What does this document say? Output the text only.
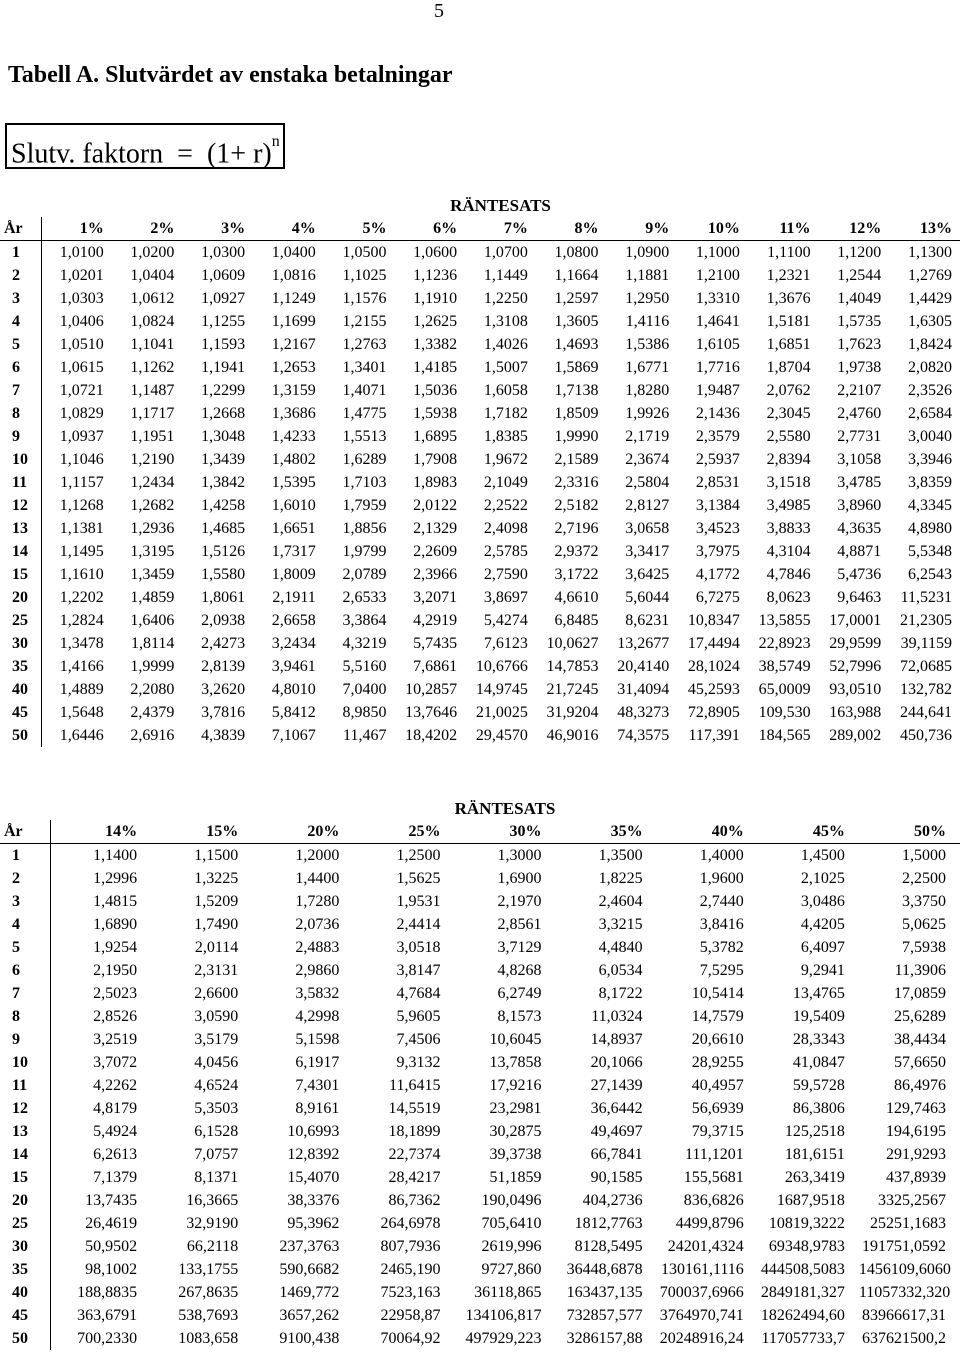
5
Tabell A. Slutvärdet av enstaka betalningar
Slutv. faktorn = $(1+ r)^n$
	RÄNTESATS												
År	1%	2%	3%	4%	5%	6%	7%	8%	9%	10%	11%	12%	13%
1	1,0100	1,0200	1,0300	1,0400	1,0500	1,0600	1,0700	1,0800	1,0900	1,1000	1,1100	1,1200	1,1300
2	1,0201	1,0404	1,0609	1,0816	1,1025	1,1236	1,1449	1,1664	1,1881	1,2100	1,2321	1,2544	1,2769
3	1,0303	1,0612	1,0927	1,1249	1,1576	1,1910	1,2250	1,2597	1,2950	1,3310	1,3676	1,4049	1,4429
4	1,0406	1,0824	1,1255	1,1699	1,2155	1,2625	1,3108	1,3605	1,4116	1,4641	1,5181	1,5735	1,6305
5	1,0510	1,1041	1,1593	1,2167	1,2763	1,3382	1,4026	1,4693	1,5386	1,6105	1,6851	1,7623	1,8424
6	1,0615	1,1262	1,1941	1,2653	1,3401	1,4185	1,5007	1,5869	1,6771	1,7716	1,8704	1,9738	2,0820
7	1,0721	1,1487	1,2299	1,3159	1,4071	1,5036	1,6058	1,7138	1,8280	1,9487	2,0762	2,2107	2,3526
8	1,0829	1,1717	1,2668	1,3686	1,4775	1,5938	1,7182	1,8509	1,9926	2,1436	2,3045	2,4760	2,6584
9	1,0937	1,1951	1,3048	1,4233	1,5513	1,6895	1,8385	1,9990	2,1719	2,3579	2,5580	2,7731	3,0040
10	1,1046	1,2190	1,3439	1,4802	1,6289	1,7908	1,9672	2,1589	2,3674	2,5937	2,8394	3,1058	3,3946
11	1,1157	1,2434	1,3842	1,5395	1,7103	1,8983	2,1049	2,3316	2,5804	2,8531	3,1518	3,4785	3,8359
12	1,1268	1,2682	1,4258	1,6010	1,7959	2,0122	2,2522	2,5182	2,8127	3,1384	3,4985	3,8960	4,3345
13	1,1381	1,2936	1,4685	1,6651	1,8856	2,1329	2,4098	2,7196	3,0658	3,4523	3,8833	4,3635	4,8980
14	1,1495	1,3195	1,5126	1,7317	1,9799	2,2609	2,5785	2,9372	3,3417	3,7975	4,3104	4,8871	5,5348
15	1,1610	1,3459	1,5580	1,8009	2,0789	2,3966	2,7590	3,1722	3,6425	4,1772	4,7846	5,4736	6,2543
20	1,2202	1,4859	1,8061	2,1911	2,6533	3,2071	3,8697	4,6610	5,6044	6,7275	8,0623	9,6463	11,5231
25	1,2824	1,6406	2,0938	2,6658	3,3864	4,2919	5,4274	6,8485	8,6231	10,8347	13,5855	17,0001	21,2305
30	1,3478	1,8114	2,4273	3,2434	4,3219	5,7435	7,6123	10,0627	13,2677	17,4494	22,8923	29,9599	39,1159
35	1,4166	1,9999	2,8139	3,9461	5,5160	7,6861	10,6766	14,7853	20,4140	28,1024	38,5749	52,7996	72,0685
40	1,4889	2,2080	3,2620	4,8010	7,0400	10,2857	14,9745	21,7245	31,4094	45,2593	65,0009	93,0510	132,782
45	1,5648	2,4379	3,7816	5,8412	8,9850	13,7646	21,0025	31,9204	48,3273	72,8905	109,530	163,988	244,641
50	1,6446	2,6916	4,3839	7,1067	11,467	18,4202	29,4570	46,9016	74,3575	117,391	184,565	289,002	450,736
	RÄNTESATS								
År	14%	15%	20%	25%	30%	35%	40%	45%	50%
1	1,1400	1,1500	1,2000	1,2500	1,3000	1,3500	1,4000	1,4500	1,5000
2	1,2996	1,3225	1,4400	1,5625	1,6900	1,8225	1,9600	2,1025	2,2500
3	1,4815	1,5209	1,7280	1,9531	2,1970	2,4604	2,7440	3,0486	3,3750
4	1,6890	1,7490	2,0736	2,4414	2,8561	3,3215	3,8416	4,4205	5,0625
5	1,9254	2,0114	2,4883	3,0518	3,7129	4,4840	5,3782	6,4097	7,5938
6	2,1950	2,3131	2,9860	3,8147	4,8268	6,0534	7,5295	9,2941	11,3906
7	2,5023	2,6600	3,5832	4,7684	6,2749	8,1722	10,5414	13,4765	17,0859
8	2,8526	3,0590	4,2998	5,9605	8,1573	11,0324	14,7579	19,5409	25,6289
9	3,2519	3,5179	5,1598	7,4506	10,6045	14,8937	20,6610	28,3343	38,4434
10	3,7072	4,0456	6,1917	9,3132	13,7858	20,1066	28,9255	41,0847	57,6650
11	4,2262	4,6524	7,4301	11,6415	17,9216	27,1439	40,4957	59,5728	86,4976
12	4,8179	5,3503	8,9161	14,5519	23,2981	36,6442	56,6939	86,3806	129,7463
13	5,4924	6,1528	10,6993	18,1899	30,2875	49,4697	79,3715	125,2518	194,6195
14	6,2613	7,0757	12,8392	22,7374	39,3738	66,7841	111,1201	181,6151	291,9293
15	7,1379	8,1371	15,4070	28,4217	51,1859	90,1585	155,5681	263,3419	437,8939
20	13,7435	16,3665	38,3376	86,7362	190,0496	404,2736	836,6826	1687,9518	3325,2567
25	26,4619	32,9190	95,3962	264,6978	705,6410	1812,7763	4499,8796	10819,3222	25251,1683
30	50,9502	66,2118	237,3763	807,7936	2619,996	8128,5495	24201,4324	69348,9783	191751,0592
35	98,1002	133,1755	590,6682	2465,190	9727,860	36448,6878	130161,1116	444508,5083	1456109,6060
40	188,8835	267,8635	1469,772	7523,163	36118,865	163437,135	700037,6966	2849181,327	11057332,320
45	363,6791	538,7693	3657,262	22958,87	134106,817	732857,577	3764970,741	18262494,60	83966617,31
50	700,2330	1083,658	9100,438	70064,92	497929,223	3286157,88	20248916,24	117057733,7	637621500,2
